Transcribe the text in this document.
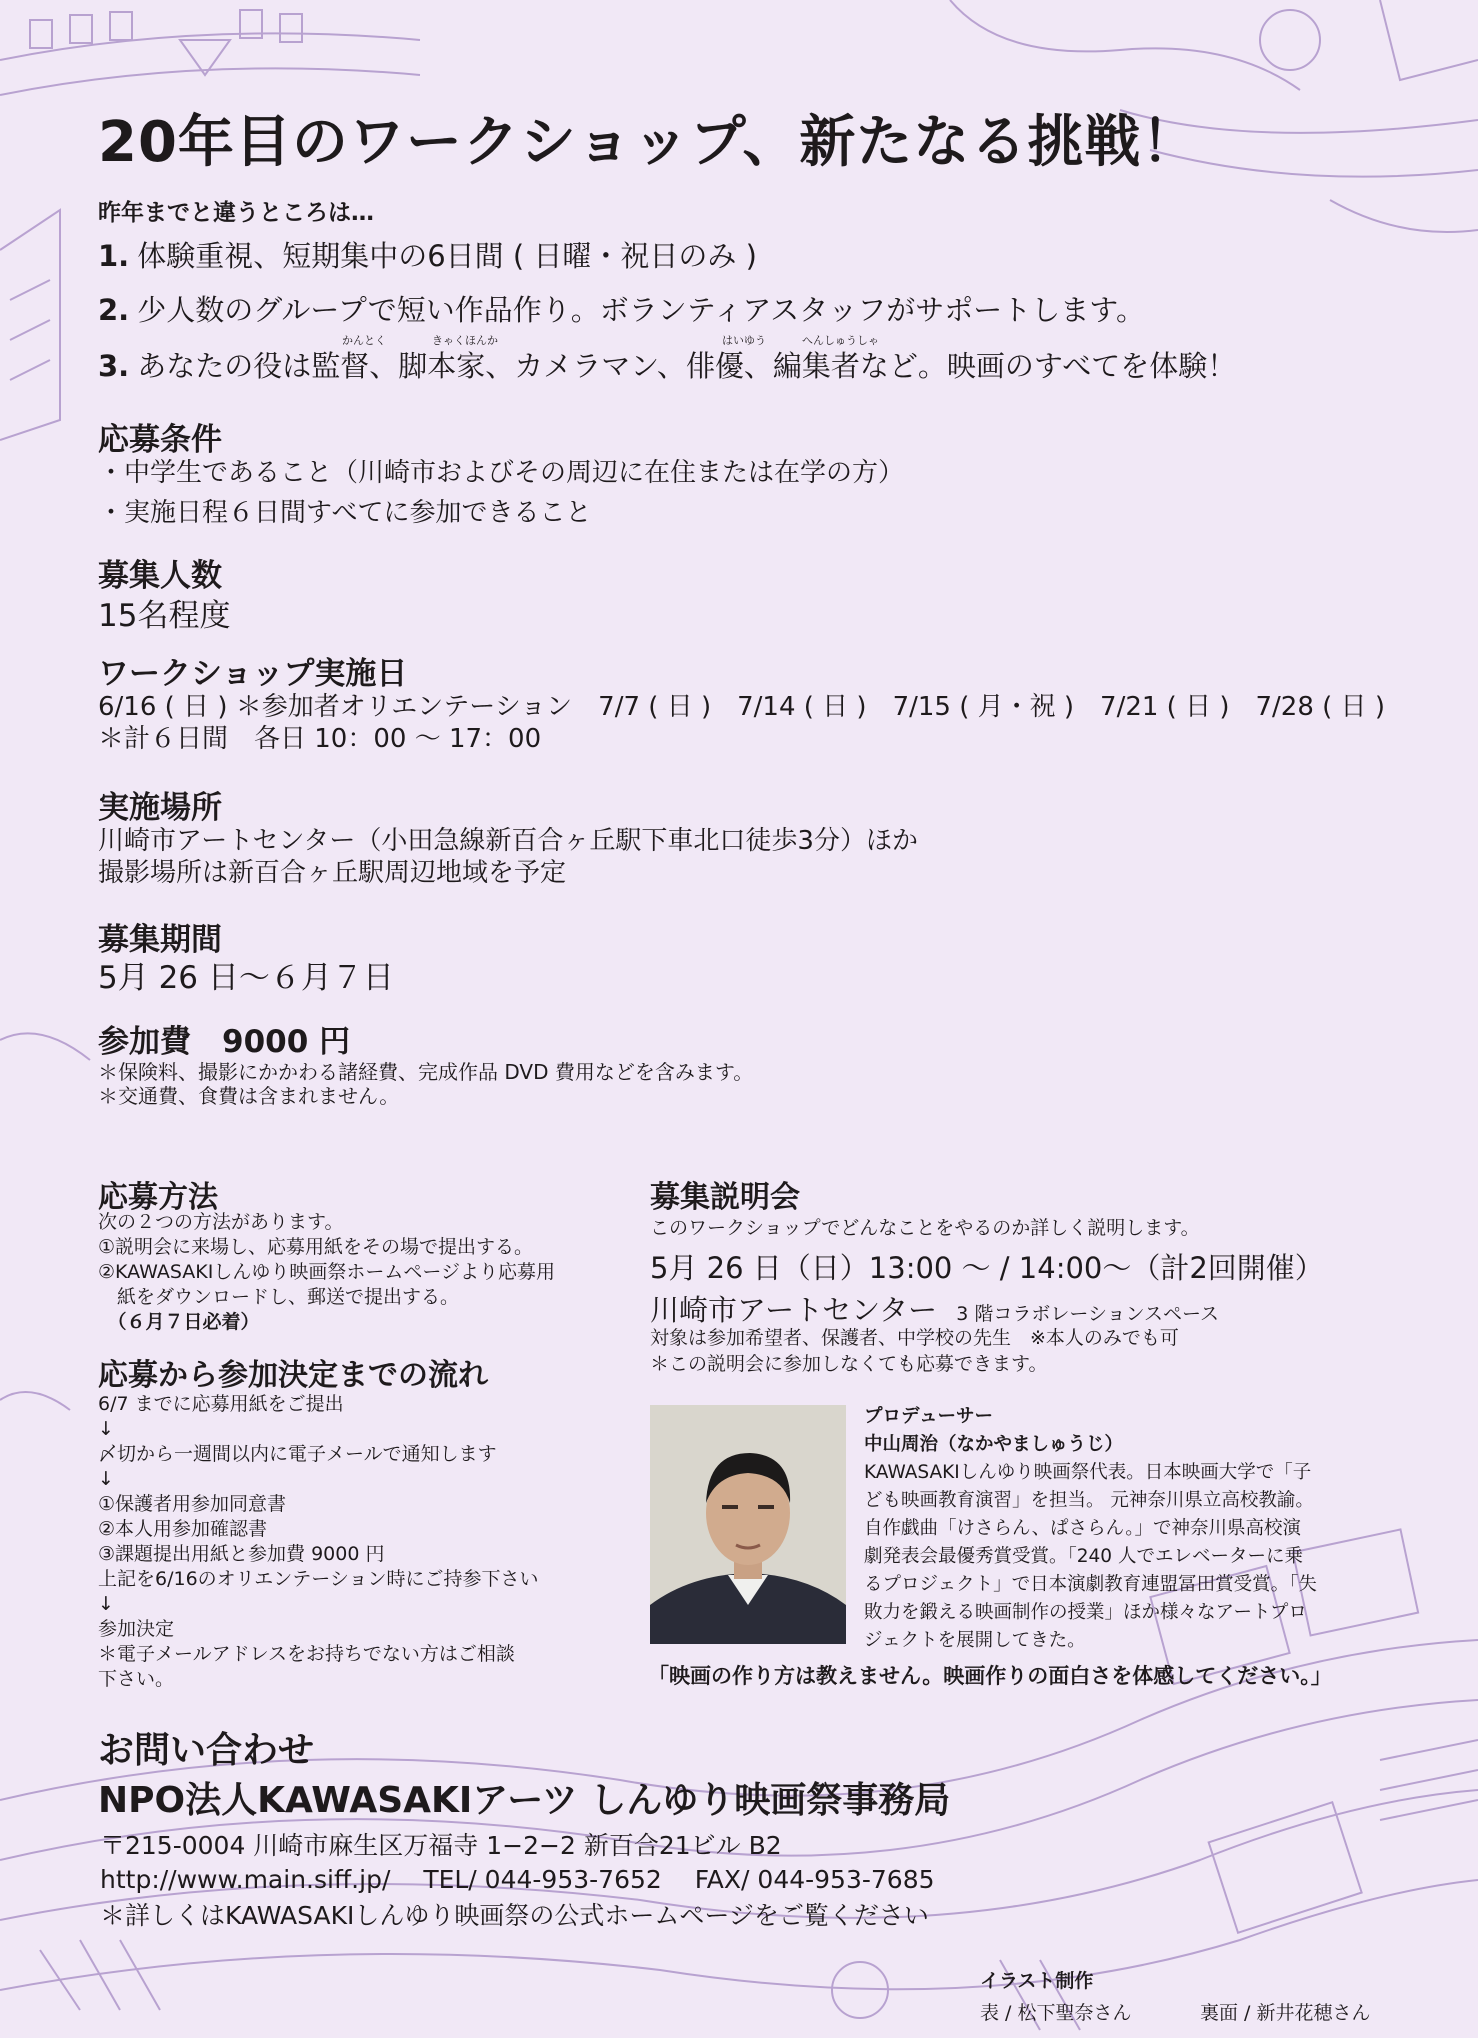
20年目のワークショップ、新たなる挑戦！
昨年までと違うところは…
1. 体験重視、短期集中の6日間 ( 日曜・祝日のみ )
2. 少人数のグループで短い作品作り。ボランティアスタッフがサポートします。
かんとく	きゃくほんか	はいゆう	へんしゅうしゃ
3. あなたの役は監督、脚本家、カメラマン、俳優、編集者など。映画のすべてを体験！
応募条件
・中学生であること（川崎市およびその周辺に在住または在学の方）
・実施日程６日間すべてに参加できること
募集人数
15名程度
ワークショップ実施日
6/16 ( 日 ) ＊参加者オリエンテーション　7/7 ( 日 )　7/14 ( 日 )　7/15 ( 月・祝 )　7/21 ( 日 )　7/28 ( 日 )
＊計６日間　各日 10：00 ～ 17：00
実施場所
川崎市アートセンター（小田急線新百合ヶ丘駅下車北口徒歩3分）ほか
撮影場所は新百合ヶ丘駅周辺地域を予定
募集期間
5月 26 日～６月７日
参加費　9000 円
＊保険料、撮影にかかわる諸経費、完成作品 DVD 費用などを含みます。
＊交通費、食費は含まれません。
応募方法
次の２つの方法があります。
①説明会に来場し、応募用紙をその場で提出する。
②KAWASAKIしんゆり映画祭ホームページより応募用
　紙をダウンロードし、郵送で提出する。
　（６月７日必着）
応募から参加決定までの流れ
6/7 までに応募用紙をご提出
↓
〆切から一週間以内に電子メールで通知します
↓
①保護者用参加同意書
②本人用参加確認書
③課題提出用紙と参加費 9000 円
上記を6/16のオリエンテーション時にご持参下さい
↓
参加決定
＊電子メールアドレスをお持ちでない方はご相談
下さい。
募集説明会
このワークショップでどんなことをやるのか詳しく説明します。
5月 26 日（日）13:00 ～ / 14:00～（計2回開催）
川崎市アートセンター 3 階コラボレーションスペース
対象は参加希望者、保護者、中学校の先生　※本人のみでも可
＊この説明会に参加しなくても応募できます。
プロデューサー
中山周治（なかやましゅうじ）
KAWASAKIしんゆり映画祭代表。日本映画大学で「子
ども映画教育演習」を担当。 元神奈川県立高校教諭。
自作戯曲「けさらん、ぱさらん。」で神奈川県高校演
劇発表会最優秀賞受賞。「240 人でエレベーターに乗
るプロジェクト」で日本演劇教育連盟冨田賞受賞。「失
敗力を鍛える映画制作の授業」ほか様々なアートプロ
ジェクトを展開してきた。
「映画の作り方は教えません。映画作りの面白さを体感してください。」
お問い合わせ
NPO法人KAWASAKIアーツ しんゆり映画祭事務局
〒215-0004 川崎市麻生区万福寺 1−2−2 新百合21ビル B2
http://www.main.siff.jp/　 TEL/ 044-953-7652　 FAX/ 044-953-7685
＊詳しくはKAWASAKIしんゆり映画祭の公式ホームページをご覧ください
イラスト制作
表 / 松下聖奈さん	裏面 / 新井花穂さん
